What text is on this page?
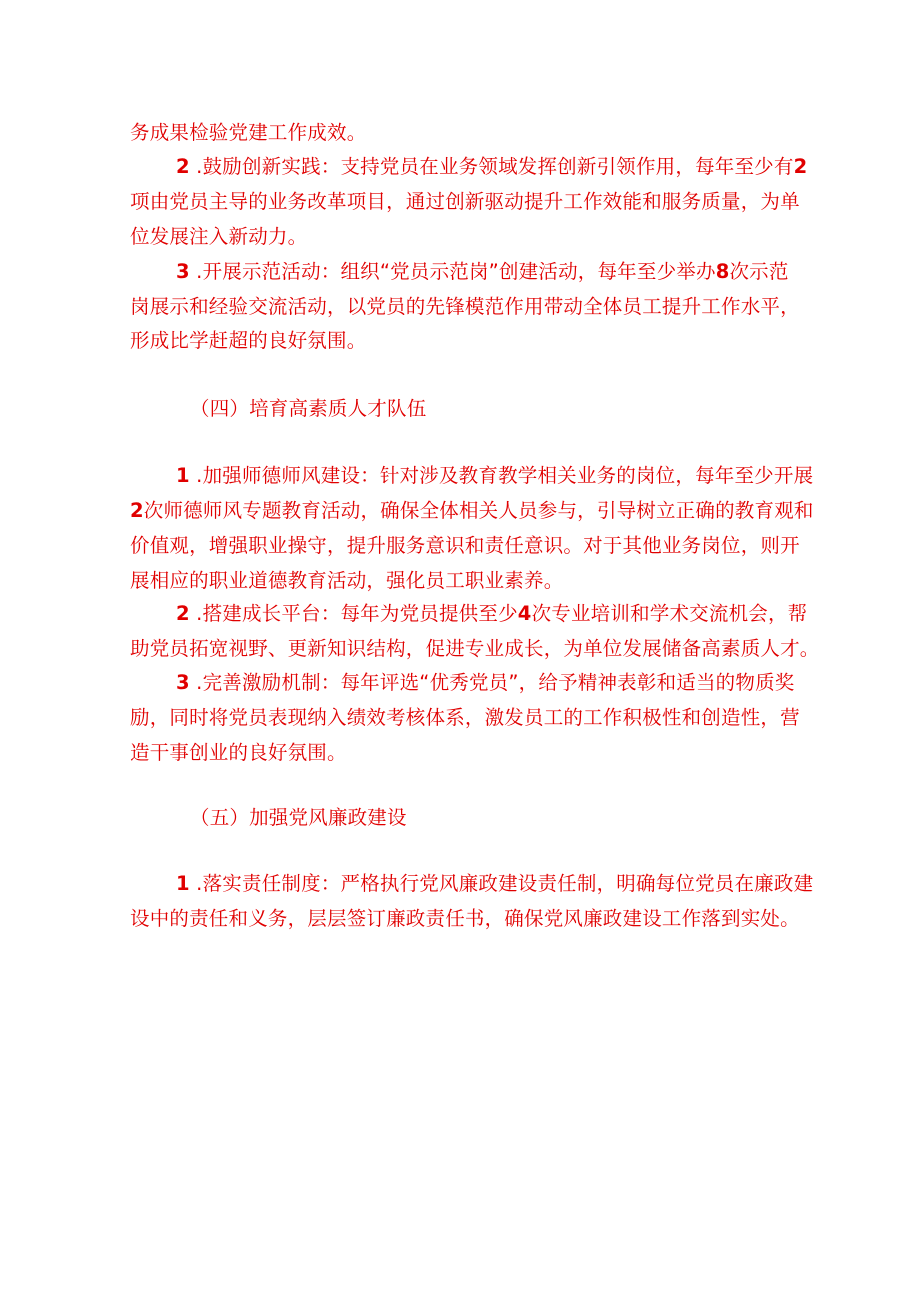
务成果检验党建工作成效。
2 .鼓励创新实践：支持党员在业务领域发挥创新引领作用，每年至少有2
项由党员主导的业务改革项目，通过创新驱动提升工作效能和服务质量，为单
位发展注入新动力。
3 .开展示范活动：组织“党员示范岗”创建活动，每年至少举办8次示范
岗展示和经验交流活动，以党员的先锋模范作用带动全体员工提升工作水平，
形成比学赶超的良好氛围。
（四）培育高素质人才队伍
1 .加强师德师风建设：针对涉及教育教学相关业务的岗位，每年至少开展
2次师德师风专题教育活动，确保全体相关人员参与，引导树立正确的教育观和
价值观，增强职业操守，提升服务意识和责任意识。对于其他业务岗位，则开
展相应的职业道德教育活动，强化员工职业素养。
2 .搭建成长平台：每年为党员提供至少4次专业培训和学术交流机会，帮
助党员拓宽视野、更新知识结构，促进专业成长，为单位发展储备高素质人才。
3 .完善激励机制：每年评选“优秀党员”，给予精神表彰和适当的物质奖
励，同时将党员表现纳入绩效考核体系，激发员工的工作积极性和创造性，营
造干事创业的良好氛围。
（五）加强党风廉政建设
1 .落实责任制度：严格执行党风廉政建设责任制，明确每位党员在廉政建
设中的责任和义务，层层签订廉政责任书，确保党风廉政建设工作落到实处。
